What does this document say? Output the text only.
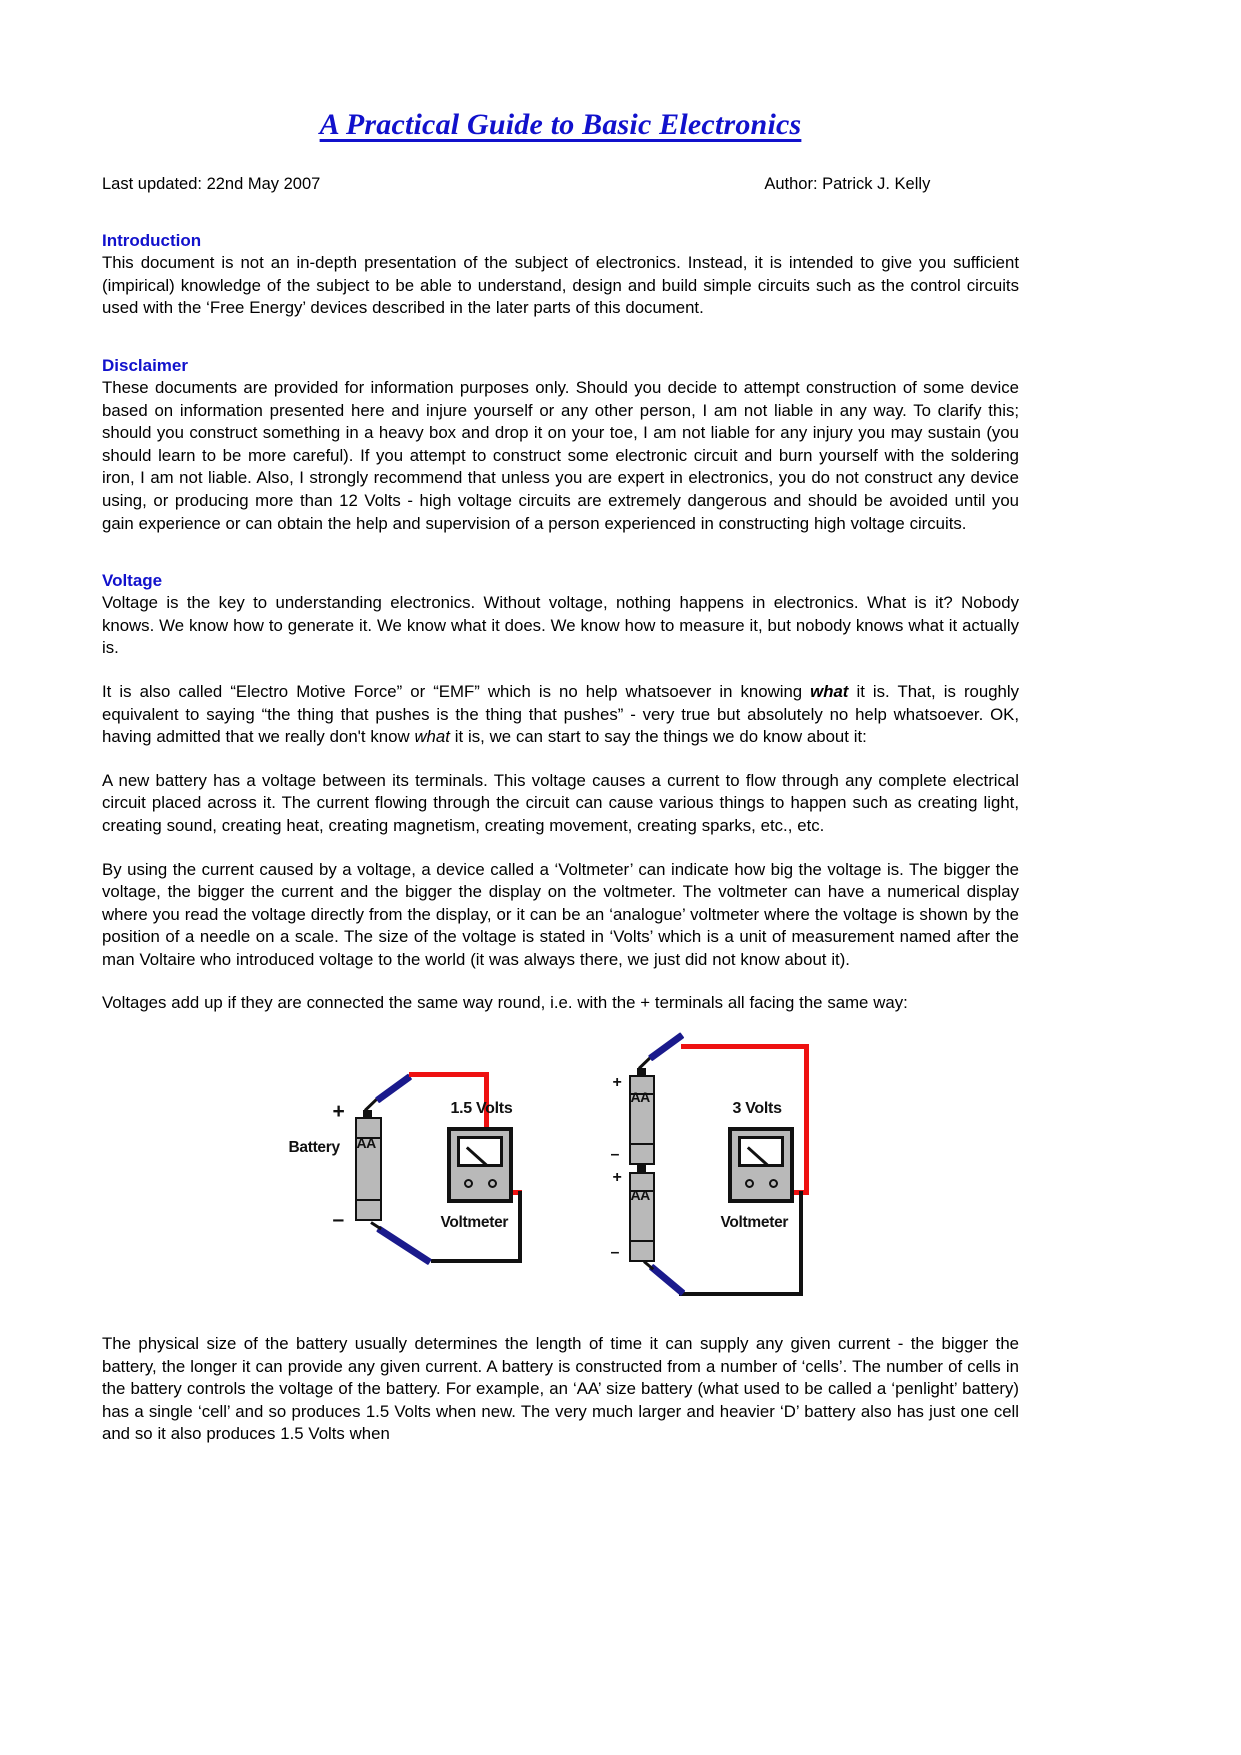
A Practical Guide to Basic Electronics
Last updated: 22nd May 2007	Author: Patrick J. Kelly
Introduction

This document is not an in-depth presentation of the subject of electronics. Instead, it is intended to give you sufficient (impirical) knowledge of the subject to be able to understand, design and build simple circuits such as the control circuits used with the ‘Free Energy’ devices described in the later parts of this document.

Disclaimer

These documents are provided for information purposes only. Should you decide to attempt construction of some device based on information presented here and injure yourself or any other person, I am not liable in any way. To clarify this; should you construct something in a heavy box and drop it on your toe, I am not liable for any injury you may sustain (you should learn to be more careful). If you attempt to construct some electronic circuit and burn yourself with the soldering iron, I am not liable. Also, I strongly recommend that unless you are expert in electronics, you do not construct any device using, or producing more than 12 Volts - high voltage circuits are extremely dangerous and should be avoided until you gain experience or can obtain the help and supervision of a person experienced in constructing high voltage circuits.

Voltage

Voltage is the key to understanding electronics. Without voltage, nothing happens in electronics. What is it? Nobody knows. We know how to generate it. We know what it does. We know how to measure it, but nobody knows what it actually is.

It is also called “Electro Motive Force” or “EMF” which is no help whatsoever in knowing what it is. That, is roughly equivalent to saying “the thing that pushes is the thing that pushes” - very true but absolutely no help whatsoever. OK, having admitted that we really don't know what it is, we can start to say the things we do know about it:

A new battery has a voltage between its terminals. This voltage causes a current to flow through any complete electrical circuit placed across it. The current flowing through the circuit can cause various things to happen such as creating light, creating sound, creating heat, creating magnetism, creating movement, creating sparks, etc., etc.

By using the current caused by a voltage, a device called a ‘Voltmeter’ can indicate how big the voltage is. The bigger the voltage, the bigger the current and the bigger the display on the voltmeter. The voltmeter can have a numerical display where you read the voltage directly from the display, or it can be an ‘analogue’ voltmeter where the voltage is shown by the position of a needle on a scale. The size of the voltage is stated in ‘Volts’ which is a unit of measurement named after the man Voltaire who introduced voltage to the world (it was always there, we just did not know about it).

Voltages add up if they are connected the same way round, i.e. with the + terminals all facing the same way:

Battery
+
–
AA
1.5 Volts
Voltmeter
+
AA
–
+
AA
–
3 Volts
Voltmeter

The physical size of the battery usually determines the length of time it can supply any given current - the bigger the battery, the longer it can provide any given current. A battery is constructed from a number of ‘cells’. The number of cells in the battery controls the voltage of the battery. For example, an ‘AA’ size battery (what used to be called a ‘penlight’ battery) has a single ‘cell’ and so produces 1.5 Volts when new. The very much larger and heavier ‘D’ battery also has just one cell and so it also produces 1.5 Volts when
